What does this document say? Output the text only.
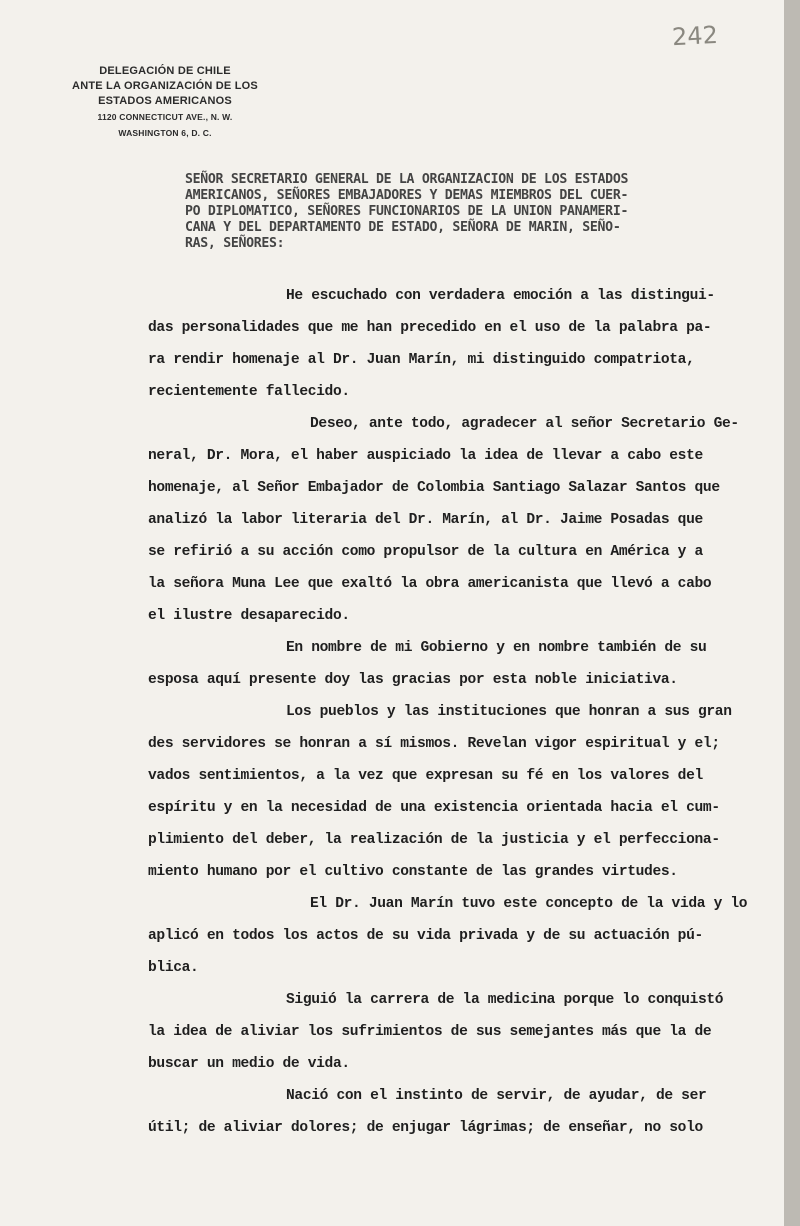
242
DELEGACIÓN DE CHILE
ANTE LA ORGANIZACIÓN DE LOS
ESTADOS AMERICANOS
1120 CONNECTICUT AVE., N. W.
WASHINGTON 6, D. C.
SEÑOR SECRETARIO GENERAL DE LA ORGANIZACION DE LOS ESTADOS
AMERICANOS, SEÑORES EMBAJADORES Y DEMAS MIEMBROS DEL CUER-
PO DIPLOMATICO, SEÑORES FUNCIONARIOS DE LA UNION PANAMERI-
CANA Y DEL DEPARTAMENTO DE ESTADO, SEÑORA DE MARIN, SEÑO-
RAS, SEÑORES:
He escuchado con verdadera emoción a las distingui-
das personalidades que me han precedido en el uso de la palabra pa-
ra rendir homenaje al Dr. Juan Marín, mi distinguido compatriota,
recientemente fallecido.
Deseo, ante todo, agradecer al señor Secretario Ge-
neral, Dr. Mora, el haber auspiciado la idea de llevar a cabo este
homenaje, al Señor Embajador de Colombia Santiago Salazar Santos que
analizó la labor literaria del Dr. Marín, al Dr. Jaime Posadas que
se refirió a su acción como propulsor de la cultura en América y a
la señora Muna Lee que exaltó la obra americanista que llevó a cabo
el ilustre desaparecido.
En nombre de mi Gobierno y en nombre también de su
esposa aquí presente doy las gracias por esta noble iniciativa.
Los pueblos y las instituciones que honran a sus gran
des servidores se honran a sí mismos. Revelan vigor espiritual y el;
vados sentimientos, a la vez que expresan su fé en los valores del
espíritu y en la necesidad de una existencia orientada hacia el cum-
plimiento del deber, la realización de la justicia y el perfecciona-
miento humano por el cultivo constante de las grandes virtudes.
El Dr. Juan Marín tuvo este concepto de la vida y lo
aplicó en todos los actos de su vida privada y de su actuación pú-
blica.
Siguió la carrera de la medicina porque lo conquistó
la idea de aliviar los sufrimientos de sus semejantes más que la de
buscar un medio de vida.
Nació con el instinto de servir, de ayudar, de ser
útil; de aliviar dolores; de enjugar lágrimas; de enseñar, no solo
